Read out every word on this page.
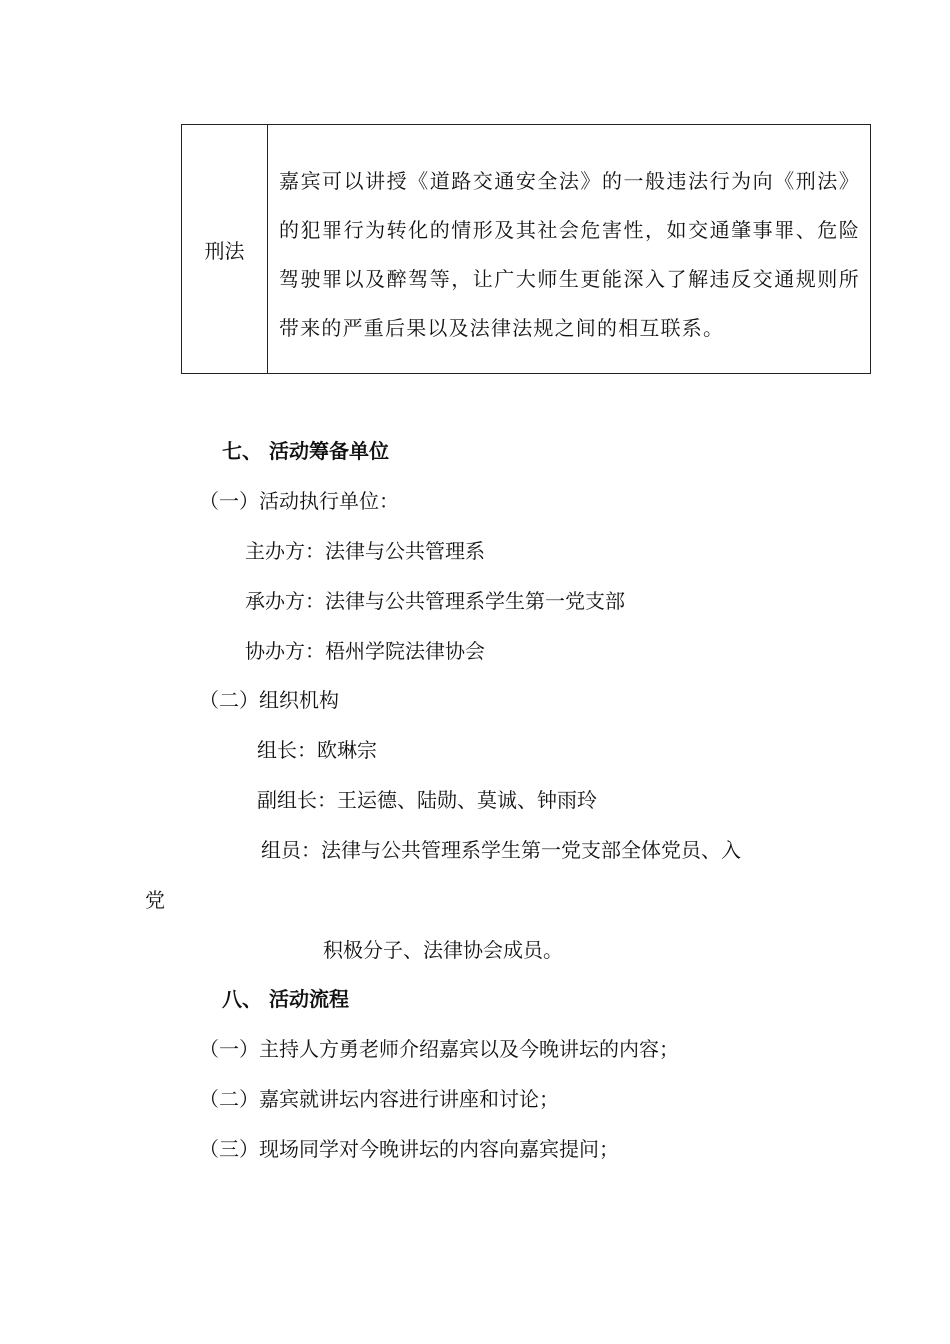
刑法
嘉宾可以讲授《道路交通安全法》的一般违法行为向《刑法》的犯罪行为转化的情形及其社会危害性，如交通肇事罪、危险驾驶罪以及醉驾等，让广大师生更能深入了解违反交通规则所带来的严重后果以及法律法规之间的相互联系。
七、 活动筹备单位
（一）活动执行单位：
主办方：法律与公共管理系
承办方：法律与公共管理系学生第一党支部
协办方：梧州学院法律协会
（二）组织机构
组长：欧琳宗
副组长：王运德、陆勋、莫诚、钟雨玲
组员：法律与公共管理系学生第一党支部全体党员、入
党
积极分子、法律协会成员。
八、 活动流程
（一）主持人方勇老师介绍嘉宾以及今晚讲坛的内容；
（二）嘉宾就讲坛内容进行讲座和讨论；
（三）现场同学对今晚讲坛的内容向嘉宾提问；
